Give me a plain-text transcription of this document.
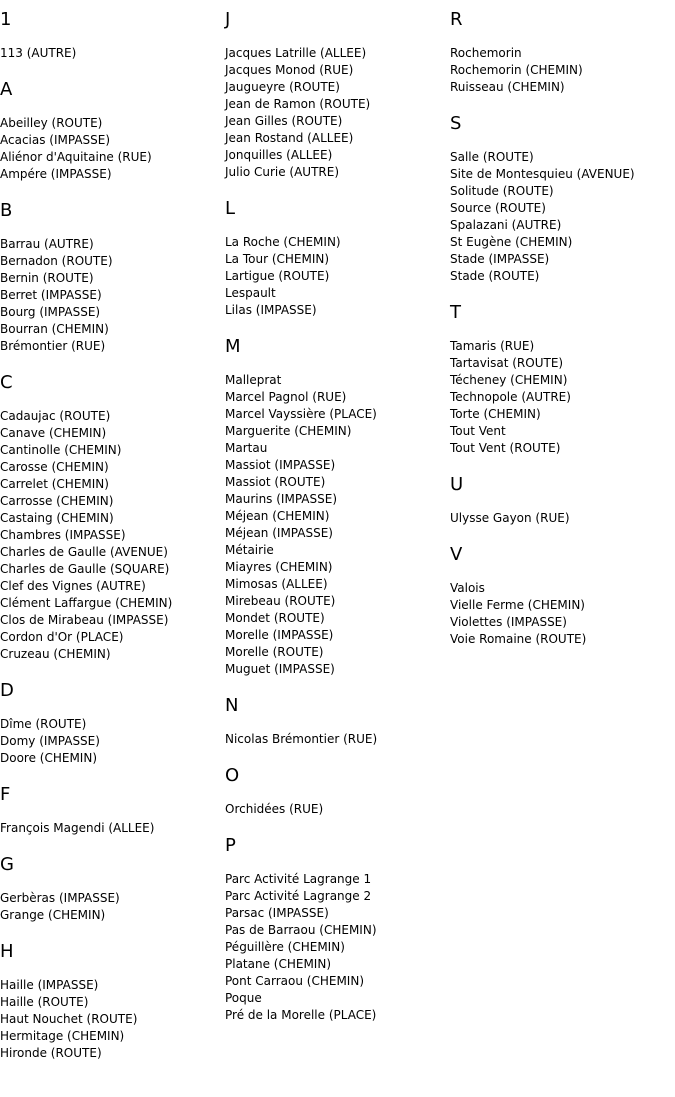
1
113 (AUTRE)
A
Abeilley (ROUTE)
Acacias (IMPASSE)
Aliénor d'Aquitaine (RUE)
Ampére (IMPASSE)
B
Barrau (AUTRE)
Bernadon (ROUTE)
Bernin (ROUTE)
Berret (IMPASSE)
Bourg (IMPASSE)
Bourran (CHEMIN)
Brémontier (RUE)
C
Cadaujac (ROUTE)
Canave (CHEMIN)
Cantinolle (CHEMIN)
Carosse (CHEMIN)
Carrelet (CHEMIN)
Carrosse (CHEMIN)
Castaing (CHEMIN)
Chambres (IMPASSE)
Charles de Gaulle (AVENUE)
Charles de Gaulle (SQUARE)
Clef des Vignes (AUTRE)
Clément Laffargue (CHEMIN)
Clos de Mirabeau (IMPASSE)
Cordon d'Or (PLACE)
Cruzeau (CHEMIN)
D
Dîme (ROUTE)
Domy (IMPASSE)
Doore (CHEMIN)
F
François Magendi (ALLEE)
G
Gerbèras (IMPASSE)
Grange (CHEMIN)
H
Haille (IMPASSE)
Haille (ROUTE)
Haut Nouchet (ROUTE)
Hermitage (CHEMIN)
Hironde (ROUTE)
J
Jacques Latrille (ALLEE)
Jacques Monod (RUE)
Jaugueyre (ROUTE)
Jean de Ramon (ROUTE)
Jean Gilles (ROUTE)
Jean Rostand (ALLEE)
Jonquilles (ALLEE)
Julio Curie (AUTRE)
L
La Roche (CHEMIN)
La Tour (CHEMIN)
Lartigue (ROUTE)
Lespault
Lilas (IMPASSE)
M
Malleprat
Marcel Pagnol (RUE)
Marcel Vayssière (PLACE)
Marguerite (CHEMIN)
Martau
Massiot (IMPASSE)
Massiot (ROUTE)
Maurins (IMPASSE)
Méjean (CHEMIN)
Méjean (IMPASSE)
Métairie
Miayres (CHEMIN)
Mimosas (ALLEE)
Mirebeau (ROUTE)
Mondet (ROUTE)
Morelle (IMPASSE)
Morelle (ROUTE)
Muguet (IMPASSE)
N
Nicolas Brémontier (RUE)
O
Orchidées (RUE)
P
Parc Activité Lagrange 1
Parc Activité Lagrange 2
Parsac (IMPASSE)
Pas de Barraou (CHEMIN)
Péguillère (CHEMIN)
Platane (CHEMIN)
Pont Carraou (CHEMIN)
Poque
Pré de la Morelle (PLACE)
R
Rochemorin
Rochemorin (CHEMIN)
Ruisseau (CHEMIN)
S
Salle (ROUTE)
Site de Montesquieu (AVENUE)
Solitude (ROUTE)
Source (ROUTE)
Spalazani (AUTRE)
St Eugène (CHEMIN)
Stade (IMPASSE)
Stade (ROUTE)
T
Tamaris (RUE)
Tartavisat (ROUTE)
Técheney (CHEMIN)
Technopole (AUTRE)
Torte (CHEMIN)
Tout Vent
Tout Vent (ROUTE)
U
Ulysse Gayon (RUE)
V
Valois
Vielle Ferme (CHEMIN)
Violettes (IMPASSE)
Voie Romaine (ROUTE)
